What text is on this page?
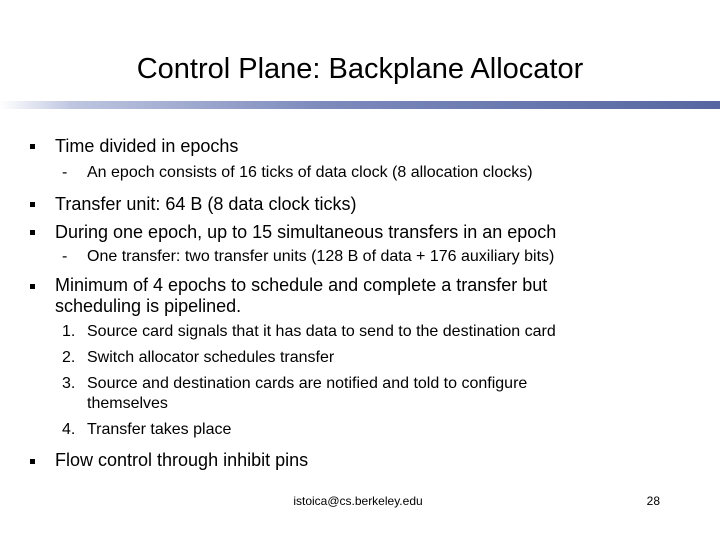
Control Plane: Backplane Allocator
Time divided in epochs
- An epoch consists of 16 ticks of data clock (8 allocation clocks)
Transfer unit: 64 B (8 data clock ticks)
During one epoch, up to 15 simultaneous transfers in an epoch
- One transfer: two transfer units (128 B of data + 176 auxiliary bits)
Minimum of 4 epochs to schedule and complete a transfer but
scheduling is pipelined.
1. Source card signals that it has data to send to the destination card
2. Switch allocator schedules transfer
3. Source and destination cards are notified and told to configure
themselves
4. Transfer takes place
Flow control through inhibit pins
istoica@cs.berkeley.edu	28
